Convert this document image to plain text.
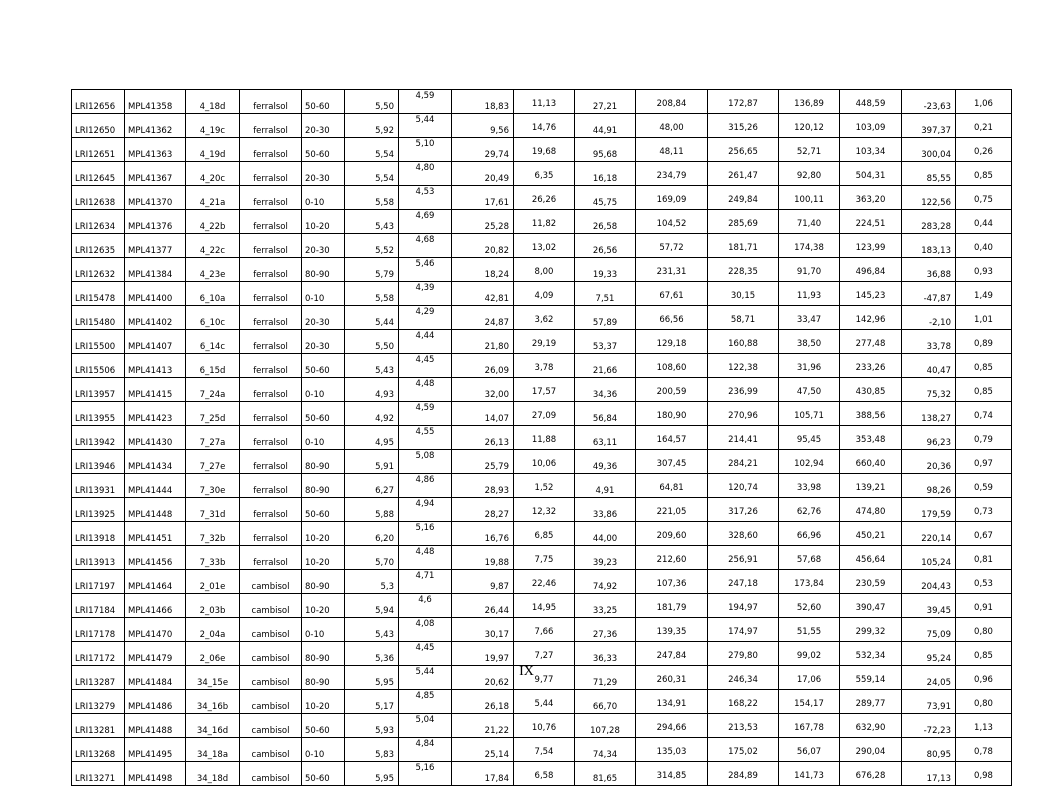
LRI12656	MPL41358	4_18d	ferralsol	50-60	5,50	4,59	18,83	11,13	27,21	208,84	172,87	136,89	448,59	-23,63	1,06
LRI12650	MPL41362	4_19c	ferralsol	20-30	5,92	5,44	9,56	14,76	44,91	48,00	315,26	120,12	103,09	397,37	0,21
LRI12651	MPL41363	4_19d	ferralsol	50-60	5,54	5,10	29,74	19,68	95,68	48,11	256,65	52,71	103,34	300,04	0,26
LRI12645	MPL41367	4_20c	ferralsol	20-30	5,54	4,80	20,49	6,35	16,18	234,79	261,47	92,80	504,31	85,55	0,85
LRI12638	MPL41370	4_21a	ferralsol	0-10	5,58	4,53	17,61	26,26	45,75	169,09	249,84	100,11	363,20	122,56	0,75
LRI12634	MPL41376	4_22b	ferralsol	10-20	5,43	4,69	25,28	11,82	26,58	104,52	285,69	71,40	224,51	283,28	0,44
LRI12635	MPL41377	4_22c	ferralsol	20-30	5,52	4,68	20,82	13,02	26,56	57,72	181,71	174,38	123,99	183,13	0,40
LRI12632	MPL41384	4_23e	ferralsol	80-90	5,79	5,46	18,24	8,00	19,33	231,31	228,35	91,70	496,84	36,88	0,93
LRI15478	MPL41400	6_10a	ferralsol	0-10	5,58	4,39	42,81	4,09	7,51	67,61	30,15	11,93	145,23	-47,87	1,49
LRI15480	MPL41402	6_10c	ferralsol	20-30	5,44	4,29	24,87	3,62	57,89	66,56	58,71	33,47	142,96	-2,10	1,01
LRI15500	MPL41407	6_14c	ferralsol	20-30	5,50	4,44	21,80	29,19	53,37	129,18	160,88	38,50	277,48	33,78	0,89
LRI15506	MPL41413	6_15d	ferralsol	50-60	5,43	4,45	26,09	3,78	21,66	108,60	122,38	31,96	233,26	40,47	0,85
LRI13957	MPL41415	7_24a	ferralsol	0-10	4,93	4,48	32,00	17,57	34,36	200,59	236,99	47,50	430,85	75,32	0,85
LRI13955	MPL41423	7_25d	ferralsol	50-60	4,92	4,59	14,07	27,09	56,84	180,90	270,96	105,71	388,56	138,27	0,74
LRI13942	MPL41430	7_27a	ferralsol	0-10	4,95	4,55	26,13	11,88	63,11	164,57	214,41	95,45	353,48	96,23	0,79
LRI13946	MPL41434	7_27e	ferralsol	80-90	5,91	5,08	25,79	10,06	49,36	307,45	284,21	102,94	660,40	20,36	0,97
LRI13931	MPL41444	7_30e	ferralsol	80-90	6,27	4,86	28,93	1,52	4,91	64,81	120,74	33,98	139,21	98,26	0,59
LRI13925	MPL41448	7_31d	ferralsol	50-60	5,88	4,94	28,27	12,32	33,86	221,05	317,26	62,76	474,80	179,59	0,73
LRI13918	MPL41451	7_32b	ferralsol	10-20	6,20	5,16	16,76	6,85	44,00	209,60	328,60	66,96	450,21	220,14	0,67
LRI13913	MPL41456	7_33b	ferralsol	10-20	5,70	4,48	19,88	7,75	39,23	212,60	256,91	57,68	456,64	105,24	0,81
LRI17197	MPL41464	2_01e	cambisol	80-90	5,3	4,71	9,87	22,46	74,92	107,36	247,18	173,84	230,59	204,43	0,53
LRI17184	MPL41466	2_03b	cambisol	10-20	5,94	4,6	26,44	14,95	33,25	181,79	194,97	52,60	390,47	39,45	0,91
LRI17178	MPL41470	2_04a	cambisol	0-10	5,43	4,08	30,17	7,66	27,36	139,35	174,97	51,55	299,32	75,09	0,80
LRI17172	MPL41479	2_06e	cambisol	80-90	5,36	4,45	19,97	7,27	36,33	247,84	279,80	99,02	532,34	95,24	0,85
LRI13287	MPL41484	34_15e	cambisol	80-90	5,95	5,44	20,62	9,77	71,29	260,31	246,34	17,06	559,14	24,05	0,96
LRI13279	MPL41486	34_16b	cambisol	10-20	5,17	4,85	26,18	5,44	66,70	134,91	168,22	154,17	289,77	73,91	0,80
LRI13281	MPL41488	34_16d	cambisol	50-60	5,93	5,04	21,22	10,76	107,28	294,66	213,53	167,78	632,90	-72,23	1,13
LRI13268	MPL41495	34_18a	cambisol	0-10	5,83	4,84	25,14	7,54	74,34	135,03	175,02	56,07	290,04	80,95	0,78
LRI13271	MPL41498	34_18d	cambisol	50-60	5,95	5,16	17,84	6,58	81,65	314,85	284,89	141,73	676,28	17,13	0,98
IX
